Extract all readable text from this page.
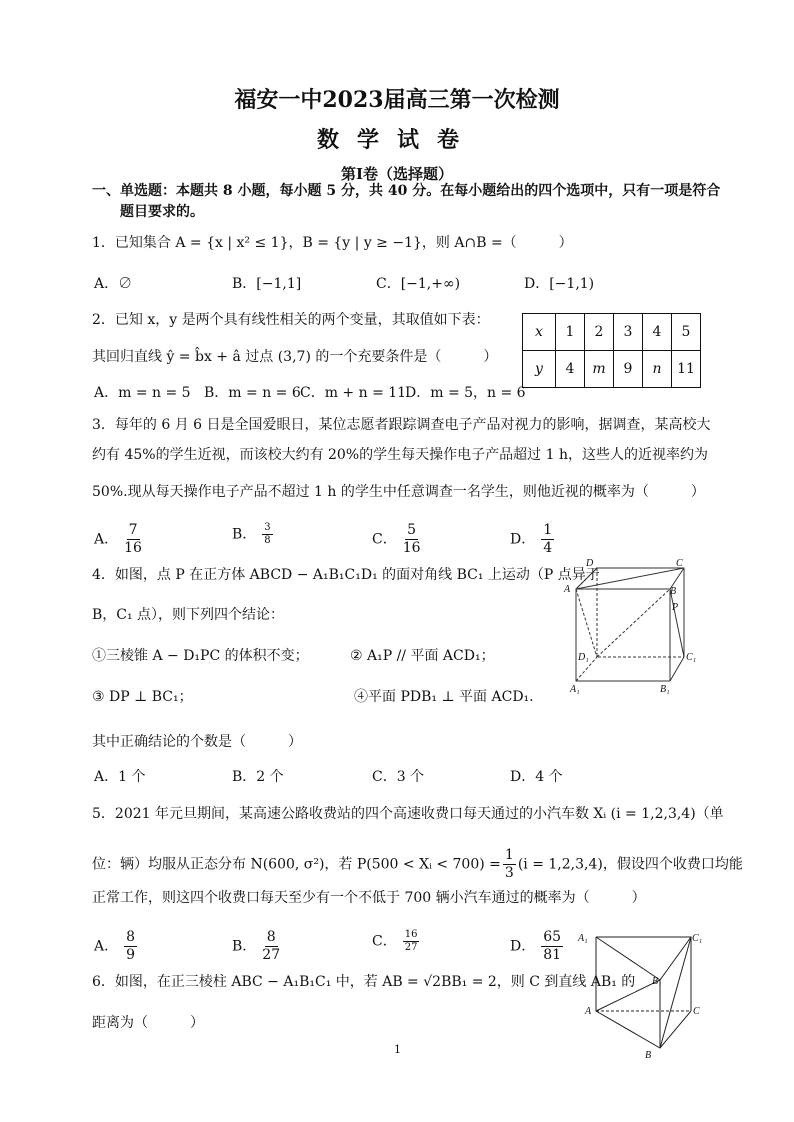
福安一中2023届高三第一次检测
数学试卷
第Ⅰ卷（选择题）
一、单选题：本题共 8 小题，每小题 5 分，共 40 分。在每小题给出的四个选项中，只有一项是符合
题目要求的。
1．已知集合 A = {x | x² ≤ 1}，B = {y | y ≥ −1}，则 A∩B =（　　　）
A．∅	B．[−1,1]	C．[−1,+∞)	D．[−1,1)
2．已知 x，y 是两个具有线性相关的两个变量，其取值如下表：
其回归直线 ŷ = b̂x + â 过点 (3,7) 的一个充要条件是（　　　）
A．m = n = 5 B．m = n = 6 C．m + n = 11
D．m = 5，n = 6
x	1	2	3	4	5
y	4	m	9	n	11
3．每年的 6 月 6 日是全国爱眼日，某位志愿者跟踪调查电子产品对视力的影响，据调查，某高校大
约有 45%的学生近视，而该校大约有 20%的学生每天操作电子产品超过 1 h，这些人的近视率约为
50%.现从每天操作电子产品不超过 1 h 的学生中任意调查一名学生，则他近视的概率为（　　　）
A． $\frac{7}{16}$	B． $\frac{3}{8}$	C． $\frac{5}{16}$	D． $\frac{1}{4}$
4．如图，点 P 在正方体 ABCD − A₁B₁C₁D₁ 的面对角线 BC₁ 上运动（P 点异于
B，C₁ 点），则下列四个结论：
①三棱锥 A − D₁PC 的体积不变；	② A₁P // 平面 ACD₁；
③ DP ⊥ BC₁；	④平面 PDB₁ ⊥ 平面 ACD₁.
其中正确结论的个数是（　　　）
A．1 个	B．2 个	C．3 个	D．4 个
D	C
A	B
P
D₁	C₁
A₁	B₁
A₁	C₁
B₁
A	C
B
5．2021 年元旦期间，某高速公路收费站的四个高速收费口每天通过的小汽车数 Xᵢ (i = 1,2,3,4)（单
位：辆）均服从正态分布 N(600, σ²)，若 P(500 < Xᵢ < $700) = \frac{1}{3} (i = 1,2,3,4)$，假设四个收费口均能
正常工作，则这四个收费口每天至少有一个不低于 700 辆小汽车通过的概率为（　　　）
A． $\frac{8}{9}$	B． $\frac{8}{27}$	C． $\frac{16}{27}$	D． $\frac{65}{81}$
6．如图，在正三棱柱 ABC − A₁B₁C₁ 中，若 AB = √2BB₁ = 2，则 C 到直线 AB₁ 的
距离为（　　　）
1
